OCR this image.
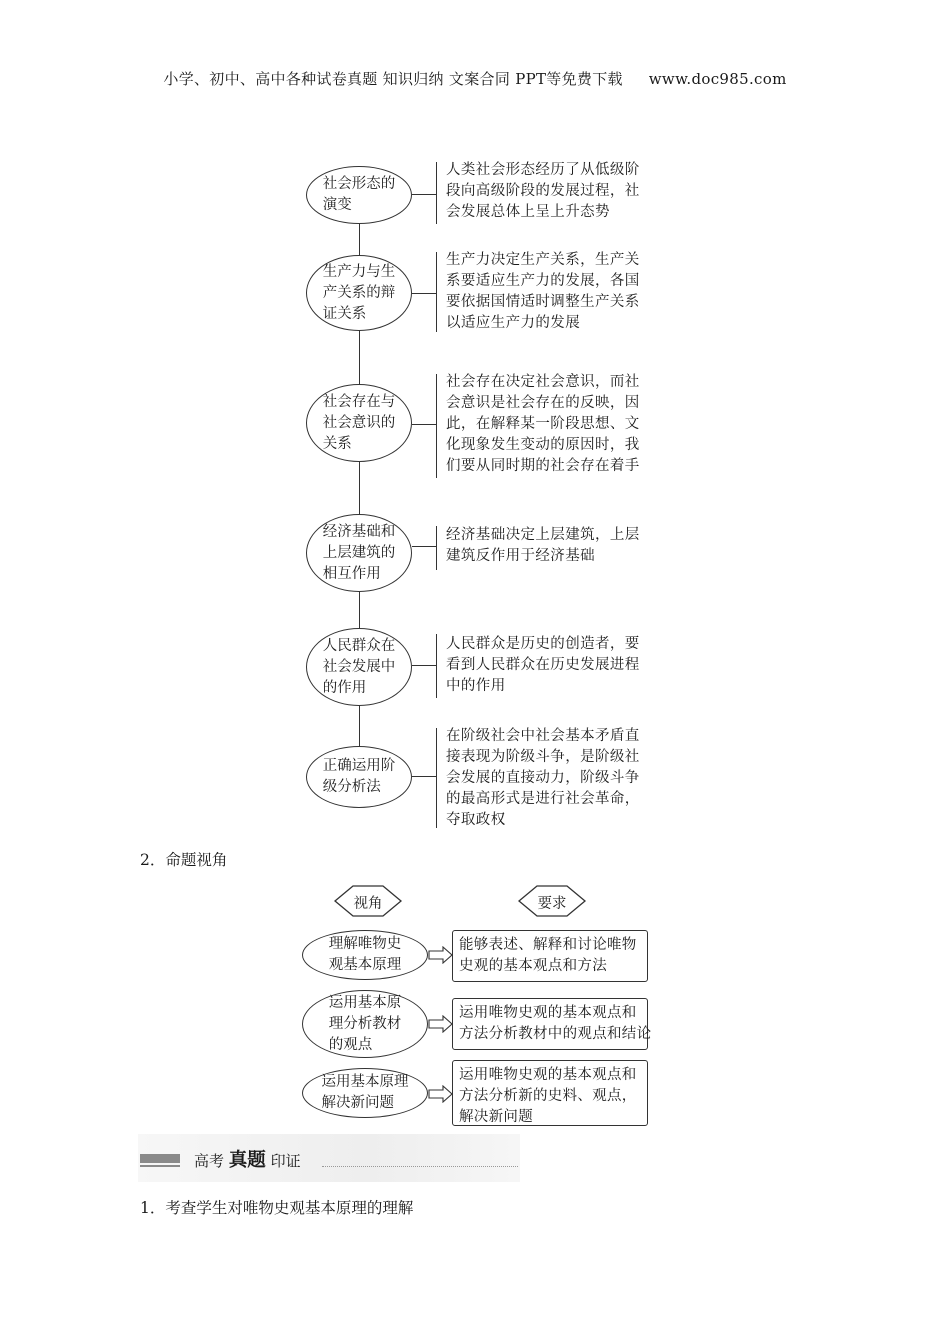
小学、初中、高中各种试卷真题 知识归纳 文案合同 PPT等免费下载 www.doc985.com
社会形态的
演变
人类社会形态经历了从低级阶
段向高级阶段的发展过程，社
会发展总体上呈上升态势
生产力与生
产关系的辩
证关系
生产力决定生产关系，生产关
系要适应生产力的发展，各国
要依据国情适时调整生产关系
以适应生产力的发展
社会存在与
社会意识的
关系
社会存在决定社会意识，而社
会意识是社会存在的反映，因
此，在解释某一阶段思想、文
化现象发生变动的原因时，我
们要从同时期的社会存在着手
经济基础和
上层建筑的
相互作用
经济基础决定上层建筑，上层
建筑反作用于经济基础
人民群众在
社会发展中
的作用
人民群众是历史的创造者，要
看到人民群众在历史发展进程
中的作用
正确运用阶
级分析法
在阶级社会中社会基本矛盾直
接表现为阶级斗争，是阶级社
会发展的直接动力，阶级斗争
的最高形式是进行社会革命，
夺取政权
2．命题视角
视角	要求
理解唯物史
观基本原理
能够表述、解释和讨论唯物
史观的基本观点和方法
运用基本原
理分析教材
的观点
运用唯物史观的基本观点和
方法分析教材中的观点和结论
运用基本原理
解决新问题
运用唯物史观的基本观点和
方法分析新的史料、观点，
解决新问题
高考 真题 印证
1．考查学生对唯物史观基本原理的理解
